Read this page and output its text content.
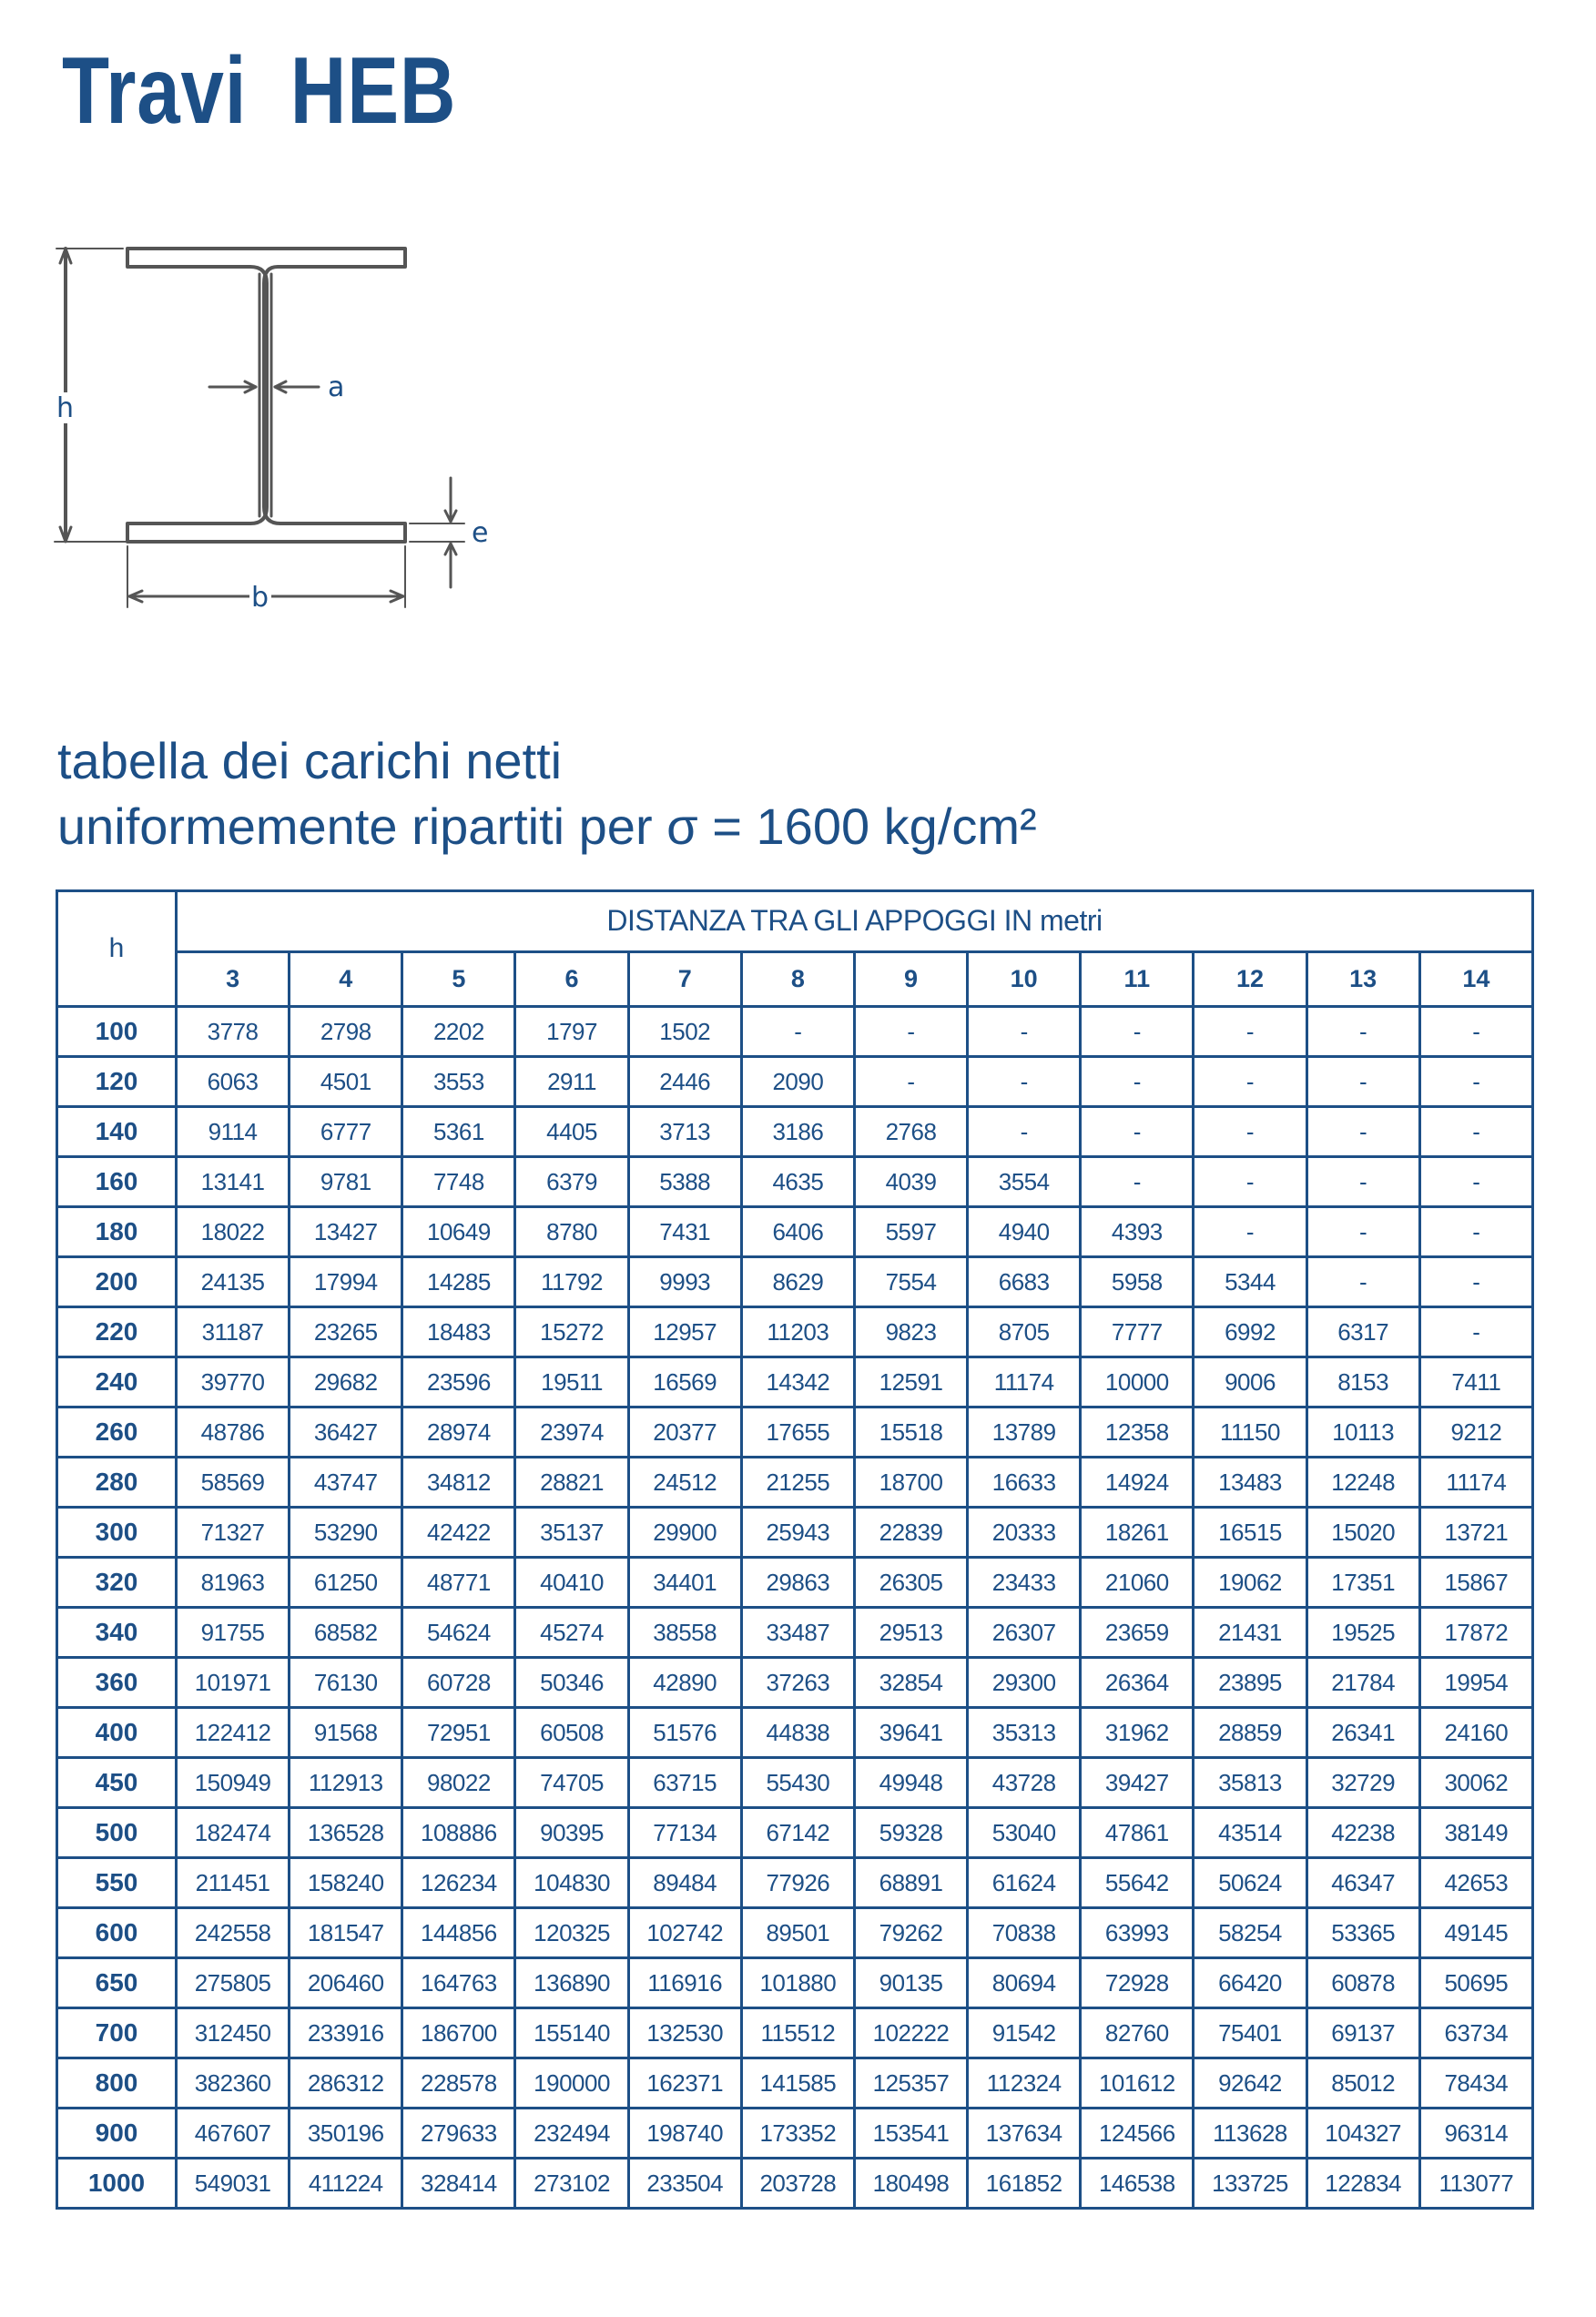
Travi HEB
h
a
e
b
tabella dei carichi netti
uniformemente ripartiti per σ = 1600 kg/cm²
h	DISTANZA TRA GLI APPOGGI IN metri											
	3	4	5	6	7	8	9	10	11	12	13	14
100	3778	2798	2202	1797	1502	-	-	-	-	-	-	-
120	6063	4501	3553	2911	2446	2090	-	-	-	-	-	-
140	9114	6777	5361	4405	3713	3186	2768	-	-	-	-	-
160	13141	9781	7748	6379	5388	4635	4039	3554	-	-	-	-
180	18022	13427	10649	8780	7431	6406	5597	4940	4393	-	-	-
200	24135	17994	14285	11792	9993	8629	7554	6683	5958	5344	-	-
220	31187	23265	18483	15272	12957	11203	9823	8705	7777	6992	6317	-
240	39770	29682	23596	19511	16569	14342	12591	11174	10000	9006	8153	7411
260	48786	36427	28974	23974	20377	17655	15518	13789	12358	11150	10113	9212
280	58569	43747	34812	28821	24512	21255	18700	16633	14924	13483	12248	11174
300	71327	53290	42422	35137	29900	25943	22839	20333	18261	16515	15020	13721
320	81963	61250	48771	40410	34401	29863	26305	23433	21060	19062	17351	15867
340	91755	68582	54624	45274	38558	33487	29513	26307	23659	21431	19525	17872
360	101971	76130	60728	50346	42890	37263	32854	29300	26364	23895	21784	19954
400	122412	91568	72951	60508	51576	44838	39641	35313	31962	28859	26341	24160
450	150949	112913	98022	74705	63715	55430	49948	43728	39427	35813	32729	30062
500	182474	136528	108886	90395	77134	67142	59328	53040	47861	43514	42238	38149
550	211451	158240	126234	104830	89484	77926	68891	61624	55642	50624	46347	42653
600	242558	181547	144856	120325	102742	89501	79262	70838	63993	58254	53365	49145
650	275805	206460	164763	136890	116916	101880	90135	80694	72928	66420	60878	50695
700	312450	233916	186700	155140	132530	115512	102222	91542	82760	75401	69137	63734
800	382360	286312	228578	190000	162371	141585	125357	112324	101612	92642	85012	78434
900	467607	350196	279633	232494	198740	173352	153541	137634	124566	113628	104327	96314
1000	549031	411224	328414	273102	233504	203728	180498	161852	146538	133725	122834	113077
